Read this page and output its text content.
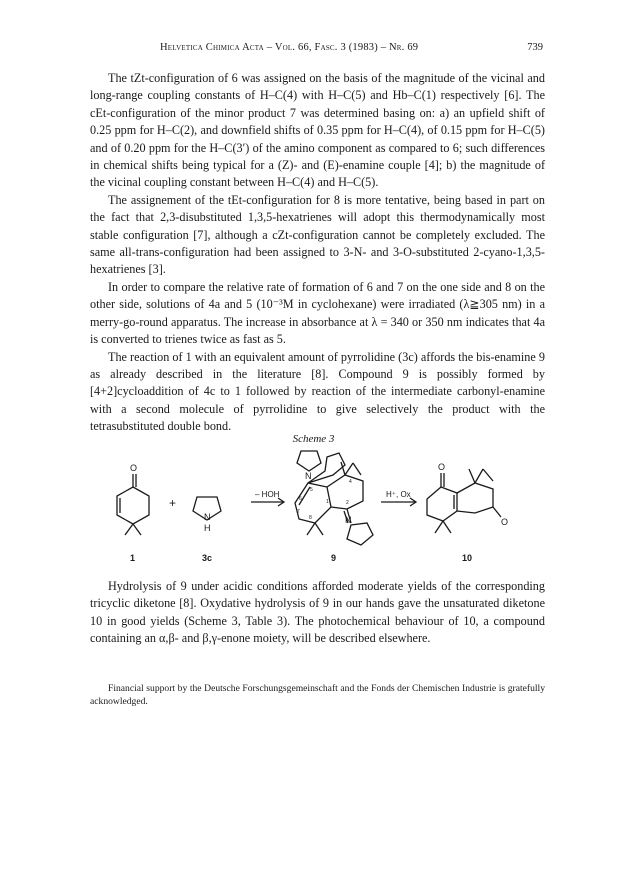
Helvetica Chimica Acta – Vol. 66, Fasc. 3 (1983) – Nr. 69	739

The tZt-configuration of 6 was assigned on the basis of the magnitude of the vicinal and long-range coupling constants of H–C(4) with H–C(5) and Hb–C(1) respectively [6]. The cEt-configuration of the minor product 7 was determined basing on: a) an upfield shift of 0.25 ppm for H–C(2), and downfield shifts of 0.35 ppm for H–C(4), of 0.15 ppm for H–C(5) and of 0.20 ppm for the H–C(3′) of the amino component as compared to 6; such differences in chemical shifts being typical for a (Z)- and (E)-enamine couple [4]; b) the magnitude of the vicinal coupling constant between H–C(4) and H–C(5).

The assignement of the tEt-configuration for 8 is more tentative, being based in part on the fact that 2,3-disubstituted 1,3,5-hexatrienes will adopt this thermodynamically most stable configuration [7], although a cZt-configuration cannot be completely excluded. The same all-trans-configuration had been assigned to 3-N- and 3-O-substituted 2-cyano-1,3,5-hexatrienes [3].

In order to compare the relative rate of formation of 6 and 7 on the one side and 8 on the other side, solutions of 4a and 5 (10⁻³M in cyclohexane) were irradiated (λ≧305 nm) in a merry-go-round apparatus. The increase in absorbance at λ = 340 or 350 nm indicates that 4a is converted to trienes twice as fast as 5.

The reaction of 1 with an equivalent amount of pyrrolidine (3c) affords the bis-enamine 9 as already described in the literature [8]. Compound 9 is possibly formed by [4+2]cycloaddition of 4c to 1 followed by reaction of the intermediate carbonyl-enamine with a second molecule of pyrrolidine to give selectively the product with the tetrasubstituted double bond.

Scheme 3
O
N
H
N
N
O
O
+
– HOH	H⁺, Ox
5
6
7
8
1	2
4
1	3c	9	10

Hydrolysis of 9 under acidic conditions afforded moderate yields of the corresponding tricyclic diketone [8]. Oxydative hydrolysis of 9 in our hands gave the unsaturated diketone 10 in good yields (Scheme 3, Table 3). The photochemical behaviour of 10, a compound containing an α,β- and β,γ-enone moiety, will be described elsewhere.

Financial support by the Deutsche Forschungsgemeinschaft and the Fonds der Chemischen Industrie is gratefully acknowledged.
